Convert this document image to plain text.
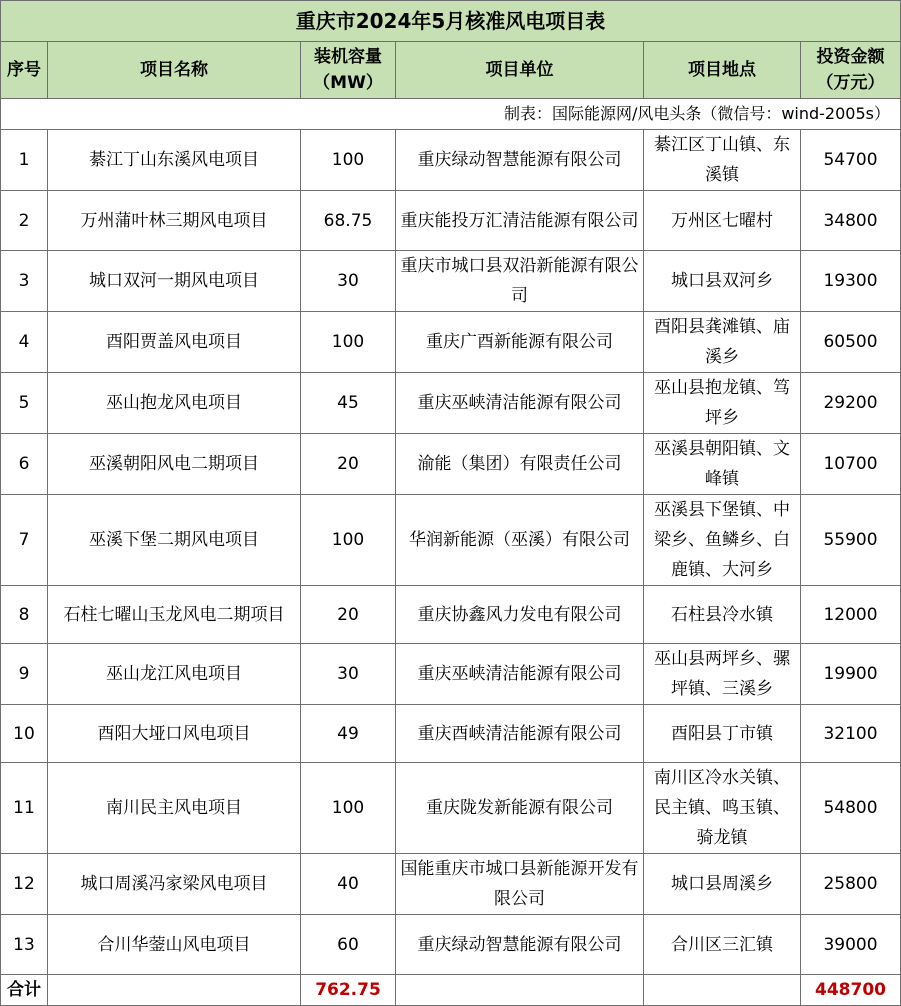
重庆市2024年5月核准风电项目表					
序号	项目名称	装机容量（MW）	项目单位	项目地点	投资金额（万元）
制表：国际能源网/风电头条（微信号：wind-2005s）					
1	綦江丁山东溪风电项目	100	重庆绿动智慧能源有限公司	綦江区丁山镇、东溪镇	54700
2	万州蒲叶林三期风电项目	68.75	重庆能投万汇清洁能源有限公司	万州区七曜村	34800
3	城口双河一期风电项目	30	重庆市城口县双沿新能源有限公司	城口县双河乡	19300
4	酉阳贾盖风电项目	100	重庆广酉新能源有限公司	酉阳县龚滩镇、庙溪乡	60500
5	巫山抱龙风电项目	45	重庆巫峡清洁能源有限公司	巫山县抱龙镇、笃坪乡	29200
6	巫溪朝阳风电二期项目	20	渝能（集团）有限责任公司	巫溪县朝阳镇、文峰镇	10700
7	巫溪下堡二期风电项目	100	华润新能源（巫溪）有限公司	巫溪县下堡镇、中梁乡、鱼鳞乡、白鹿镇、大河乡	55900
8	石柱七曜山玉龙风电二期项目	20	重庆协鑫风力发电有限公司	石柱县冷水镇	12000
9	巫山龙江风电项目	30	重庆巫峡清洁能源有限公司	巫山县两坪乡、骡坪镇、三溪乡	19900
10	酉阳大垭口风电项目	49	重庆酉峡清洁能源有限公司	酉阳县丁市镇	32100
11	南川民主风电项目	100	重庆陇发新能源有限公司	南川区冷水关镇、民主镇、鸣玉镇、骑龙镇	54800
12	城口周溪冯家梁风电项目	40	国能重庆市城口县新能源开发有限公司	城口县周溪乡	25800
13	合川华蓥山风电项目	60	重庆绿动智慧能源有限公司	合川区三汇镇	39000
合计		762.75			448700
